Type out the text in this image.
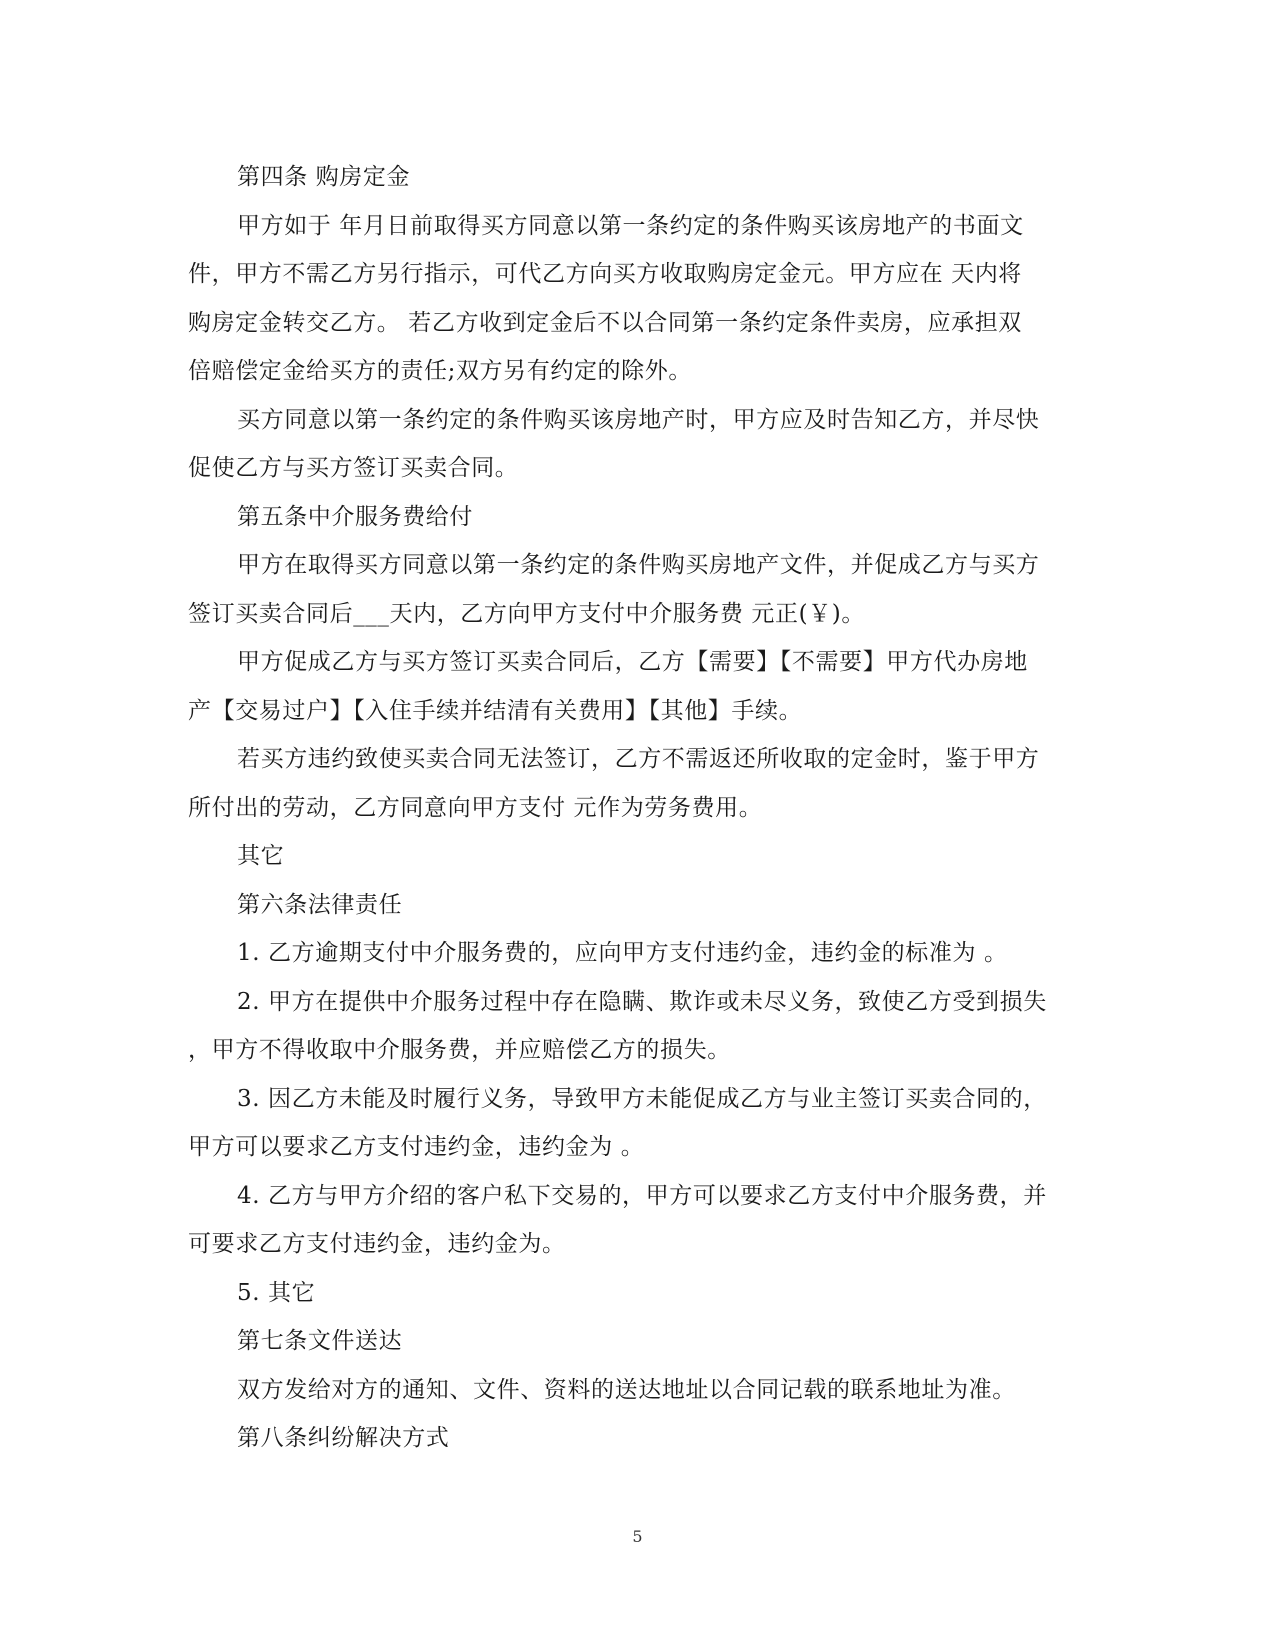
第四条 购房定金
甲方如于 年月日前取得买方同意以第一条约定的条件购买该房地产的书面文
件，甲方不需乙方另行指示，可代乙方向买方收取购房定金元。甲方应在 天内将
购房定金转交乙方。 若乙方收到定金后不以合同第一条约定条件卖房，应承担双
倍赔偿定金给买方的责任;双方另有约定的除外。
买方同意以第一条约定的条件购买该房地产时，甲方应及时告知乙方，并尽快
促使乙方与买方签订买卖合同。
第五条中介服务费给付
甲方在取得买方同意以第一条约定的条件购买房地产文件，并促成乙方与买方
签订买卖合同后___天内，乙方向甲方支付中介服务费 元正(￥)。
甲方促成乙方与买方签订买卖合同后，乙方【需要】【不需要】甲方代办房地
产【交易过户】【入住手续并结清有关费用】【其他】手续。
若买方违约致使买卖合同无法签订，乙方不需返还所收取的定金时，鉴于甲方
所付出的劳动，乙方同意向甲方支付 元作为劳务费用。
其它
第六条法律责任
1. 乙方逾期支付中介服务费的，应向甲方支付违约金，违约金的标准为 。
2. 甲方在提供中介服务过程中存在隐瞒、欺诈或未尽义务，致使乙方受到损失
，甲方不得收取中介服务费，并应赔偿乙方的损失。
3. 因乙方未能及时履行义务，导致甲方未能促成乙方与业主签订买卖合同的，
甲方可以要求乙方支付违约金，违约金为 。
4. 乙方与甲方介绍的客户私下交易的，甲方可以要求乙方支付中介服务费，并
可要求乙方支付违约金，违约金为。
5. 其它
第七条文件送达
双方发给对方的通知、文件、资料的送达地址以合同记载的联系地址为准。
第八条纠纷解决方式
5
